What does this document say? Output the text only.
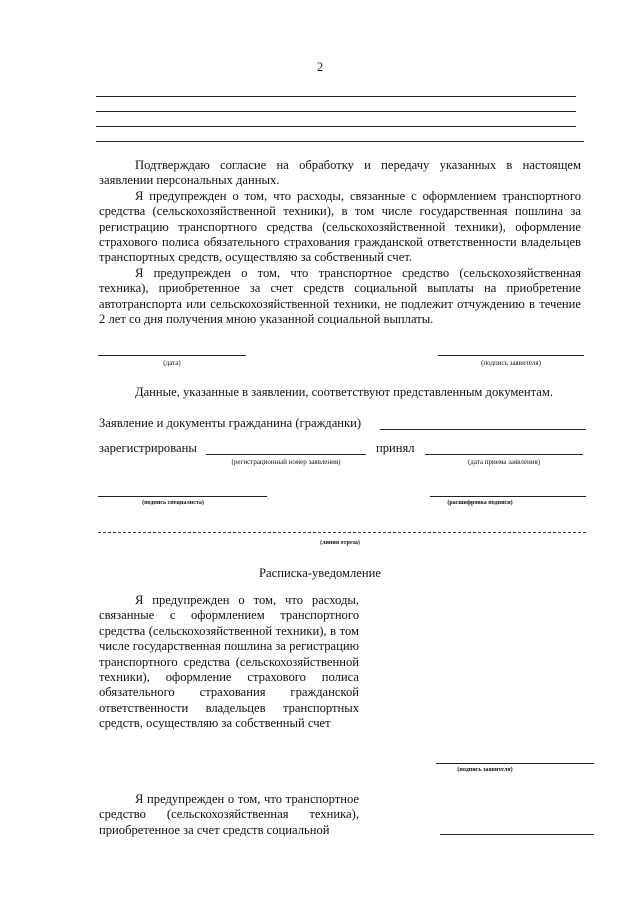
2

Подтверждаю согласие на обработку и передачу указанных в настоящем заявлении персональных данных.

Я предупрежден о том, что расходы, связанные с оформлением транспортного средства (сельскохозяйственной техники), в том числе государственная пошлина за регистрацию транспортного средства (сельскохозяйственной техники), оформление страхового полиса обязательного страхования гражданской ответственности владельцев транспортных средств, осуществляю за собственный счет.

Я предупрежден о том, что транспортное средство (сельскохозяйственная техника), приобретенное за счет средств социальной выплаты на приобретение автотранспорта или сельскохозяйственной техники, не подлежит отчуждению в течение 2 лет со дня получения мною указанной социальной выплаты.

(дата)	(подпись заявителя)
Данные, указанные в заявлении, соответствуют представленным документам.
Заявление и документы гражданина (гражданки)
зарегистрированы
(регистрационный номер заявления)
принял
(дата приема заявления)
(подпись специалиста)	(расшифровка подписи)
(линия отреза)
Расписка-уведомление

Я предупрежден о том, что расходы, связанные с оформлением транспортного средства (сельскохозяйственной техники), в том числе государственная пошлина за регистрацию транспортного средства (сельскохозяйственной техники), оформление страхового полиса обязательного страхования гражданской ответственности владельцев транспортных средств, осуществляю за собственный счет

(подпись заявителя)

Я предупрежден о том, что транспортное средство (сельскохозяйственная техника), приобретенное за счет средств социальной
